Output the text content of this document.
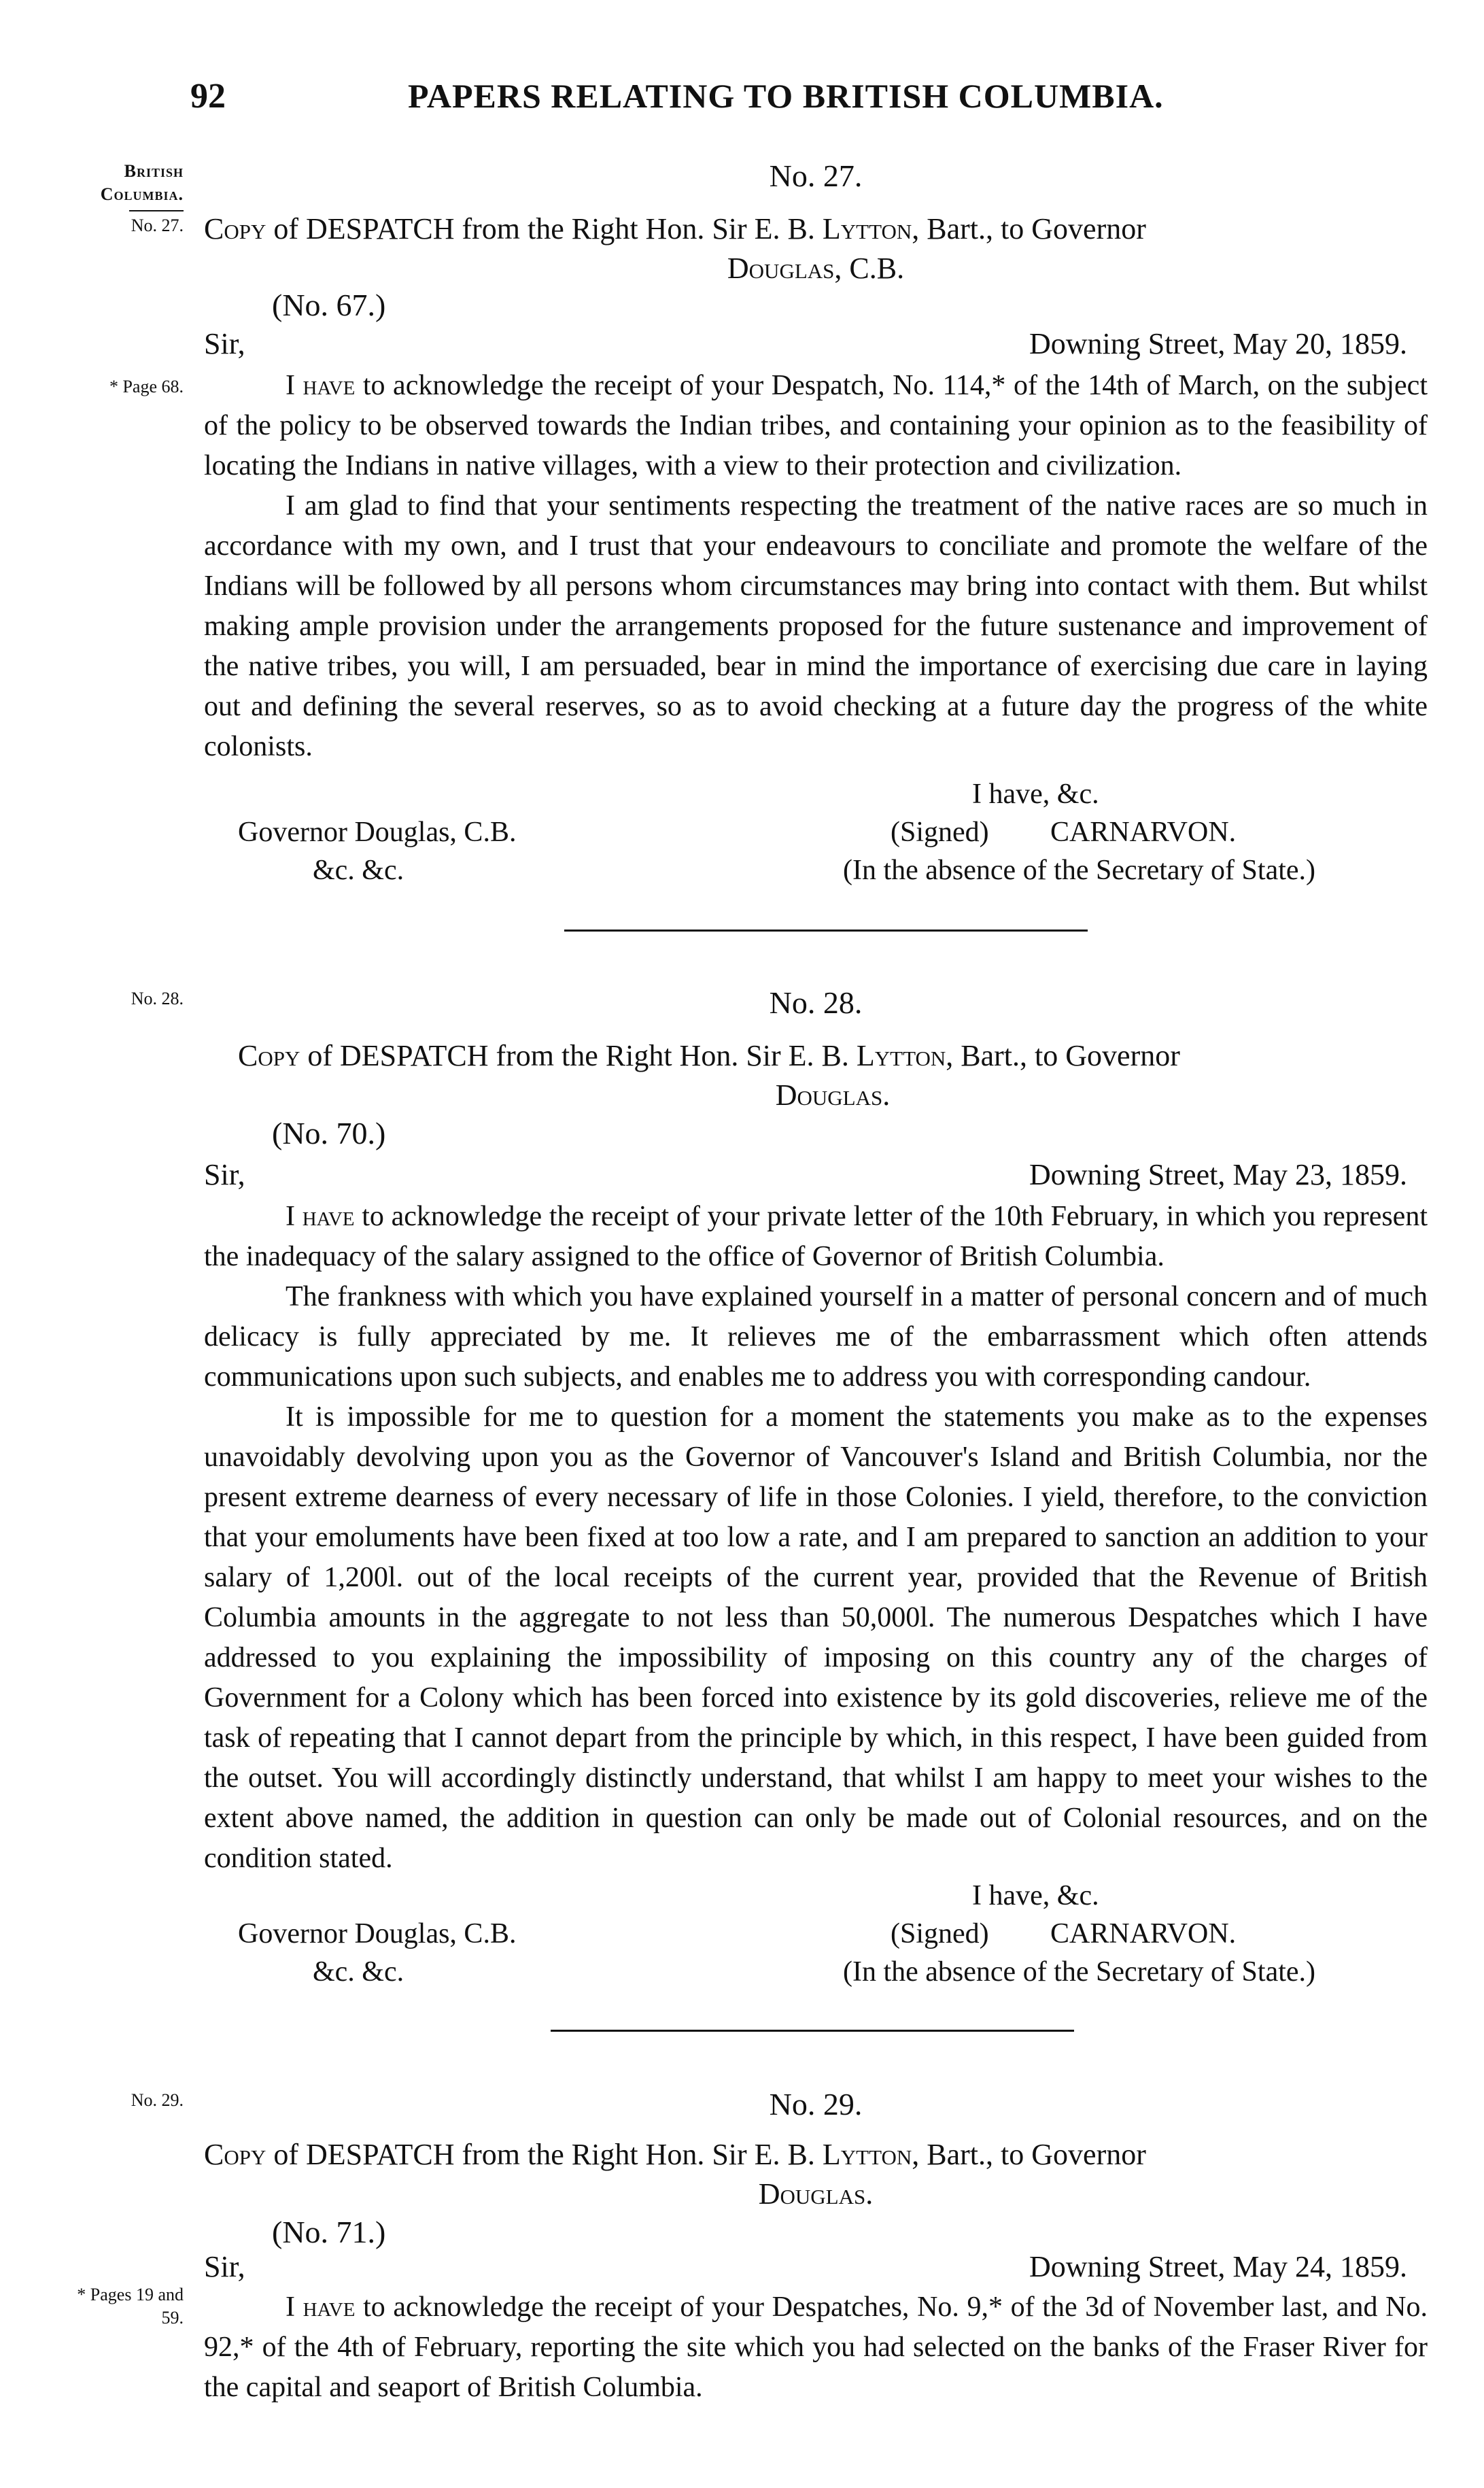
92	PAPERS RELATING TO BRITISH COLUMBIA.
British
Columbia.
No. 27.
* Page 68.
No. 28.
No. 29.
* Pages 19 and
59.
No. 27.
Copy of DESPATCH from the Right Hon. Sir E. B. Lytton, Bart., to Governor
Douglas, C.B.
(No. 67.)
Sir,	Downing Street, May 20, 1859.

I have to acknowledge the receipt of your Despatch, No. 114,* of the 14th of March, on the subject of the policy to be observed towards the Indian tribes, and containing your opinion as to the feasibility of locating the Indians in native villages, with a view to their protection and civilization.

I am glad to find that your sentiments respecting the treatment of the native races are so much in accordance with my own, and I trust that your endeavours to conciliate and promote the welfare of the Indians will be followed by all persons whom circumstances may bring into contact with them. But whilst making ample provision under the arrangements proposed for the future sustenance and improvement of the native tribes, you will, I am persuaded, bear in mind the importance of exercising due care in laying out and defining the several reserves, so as to avoid checking at a future day the progress of the white colonists.

I have, &c.
Governor Douglas, C.B.	(Signed) CARNARVON.
&c. &c.	(In the absence of the Secretary of State.)
No. 28.
Copy of DESPATCH from the Right Hon. Sir E. B. Lytton, Bart., to Governor
Douglas.
(No. 70.)
Sir,	Downing Street, May 23, 1859.

I have to acknowledge the receipt of your private letter of the 10th February, in which you represent the inadequacy of the salary assigned to the office of Governor of British Columbia.

The frankness with which you have explained yourself in a matter of personal concern and of much delicacy is fully appreciated by me. It relieves me of the embarrassment which often attends communications upon such subjects, and enables me to address you with corresponding candour.

It is impossible for me to question for a moment the statements you make as to the expenses unavoidably devolving upon you as the Governor of Vancouver's Island and British Columbia, nor the present extreme dearness of every necessary of life in those Colonies. I yield, therefore, to the conviction that your emoluments have been fixed at too low a rate, and I am prepared to sanction an addition to your salary of 1,200l. out of the local receipts of the current year, provided that the Revenue of British Columbia amounts in the aggregate to not less than 50,000l. The numerous Despatches which I have addressed to you explaining the impossibility of imposing on this country any of the charges of Government for a Colony which has been forced into existence by its gold discoveries, relieve me of the task of repeating that I cannot depart from the principle by which, in this respect, I have been guided from the outset. You will accordingly distinctly understand, that whilst I am happy to meet your wishes to the extent above named, the addition in question can only be made out of Colonial resources, and on the condition stated.

I have, &c.
Governor Douglas, C.B.	(Signed) CARNARVON.
&c. &c.	(In the absence of the Secretary of State.)
No. 29.
Copy of DESPATCH from the Right Hon. Sir E. B. Lytton, Bart., to Governor
Douglas.
(No. 71.)
Sir,	Downing Street, May 24, 1859.

I have to acknowledge the receipt of your Despatches, No. 9,* of the 3d of November last, and No. 92,* of the 4th of February, reporting the site which you had selected on the banks of the Fraser River for the capital and seaport of British Columbia.
